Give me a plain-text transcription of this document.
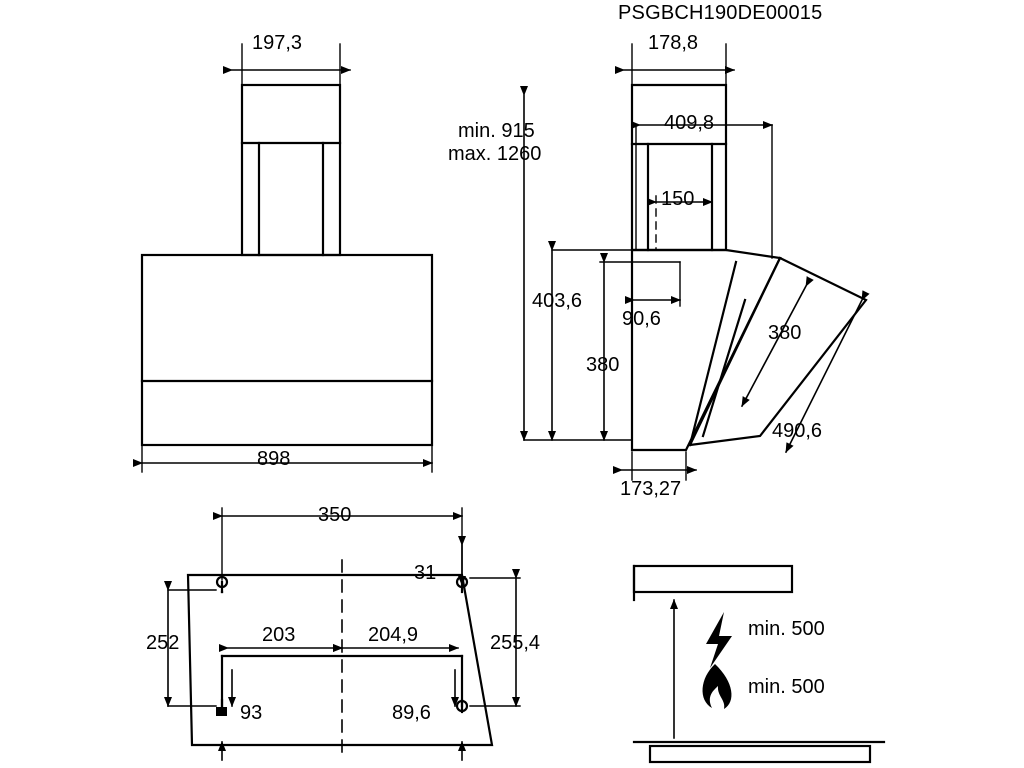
PSGBCH190DE00015
197,3
898
178,8
min. 915
max. 1260
409,8
150
403,6
90,6
380
380
490,6
173,27
350
31
252	203	204,9	255,4
93	89,6
min. 500
min. 500
